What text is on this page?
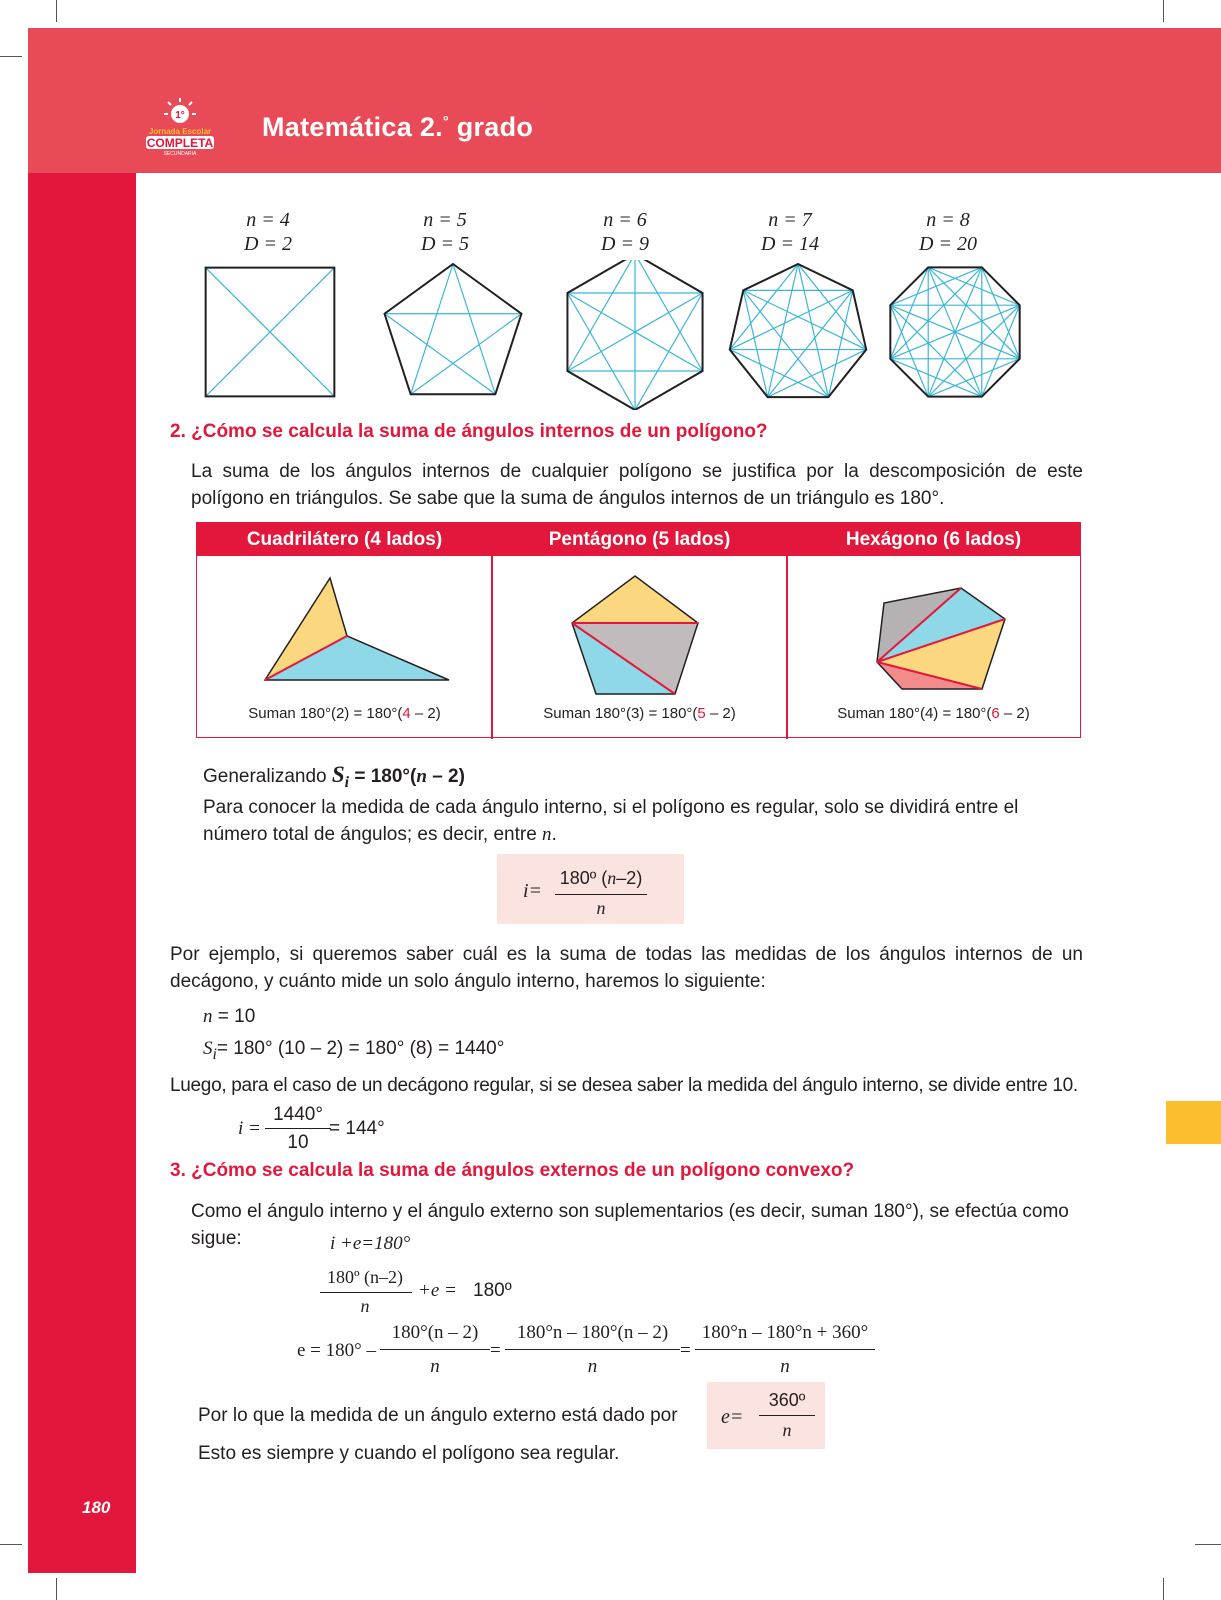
1°
Jornada Escolar
COMPLETA
SECUNDARIA
Matemática 2.° grado
180
n = 4
D = 2
n = 5
D = 5
n = 6
D = 9
n = 7
D = 14
n = 8
D = 20
2. ¿Cómo se calcula la suma de ángulos internos de un polígono?
La suma de los ángulos internos de cualquier polígono se justifica por la descomposición de este polígono en triángulos. Se sabe que la suma de ángulos internos de un triángulo es 180°.
Cuadrilátero (4 lados)	Pentágono (5 lados)	Hexágono (6 lados)
Suman 180°(2) = 180°(4 – 2)	Suman 180°(3) = 180°(5 – 2)	Suman 180°(4) = 180°(6 – 2)
Generalizando $S_i = 180^\circ(n - 2)$
Para conocer la medida de cada ángulo interno, si el polígono es regular, solo se dividirá entre el número total de ángulos; es decir, entre n.
i=
180º (n–2)
n
Por ejemplo, si queremos saber cuál es la suma de todas las medidas de los ángulos internos de un decágono, y cuánto mide un solo ángulo interno, haremos lo siguiente:
n = 10
$S_i= 180^\circ$ (10 – 2) = 180° (8) = 1440°
Luego, para el caso de un decágono regular, si se desea saber la medida del ángulo interno, se divide entre 10.
i =
1440°
10
= 144°
3. ¿Cómo se calcula la suma de ángulos externos de un polígono convexo?
Como el ángulo interno y el ángulo externo son suplementarios (es decir, suman 180°), se efectúa como sigue:	i +e=180°
180º (n–2)
n
+e = 180º
e = 180° –
180°(n – 2)
n
=
180°n – 180°(n – 2)
n
=
180°n – 180°n + 360°
n
Por lo que la medida de un ángulo externo está dado por e=
360º
n
Esto es siempre y cuando el polígono sea regular.
